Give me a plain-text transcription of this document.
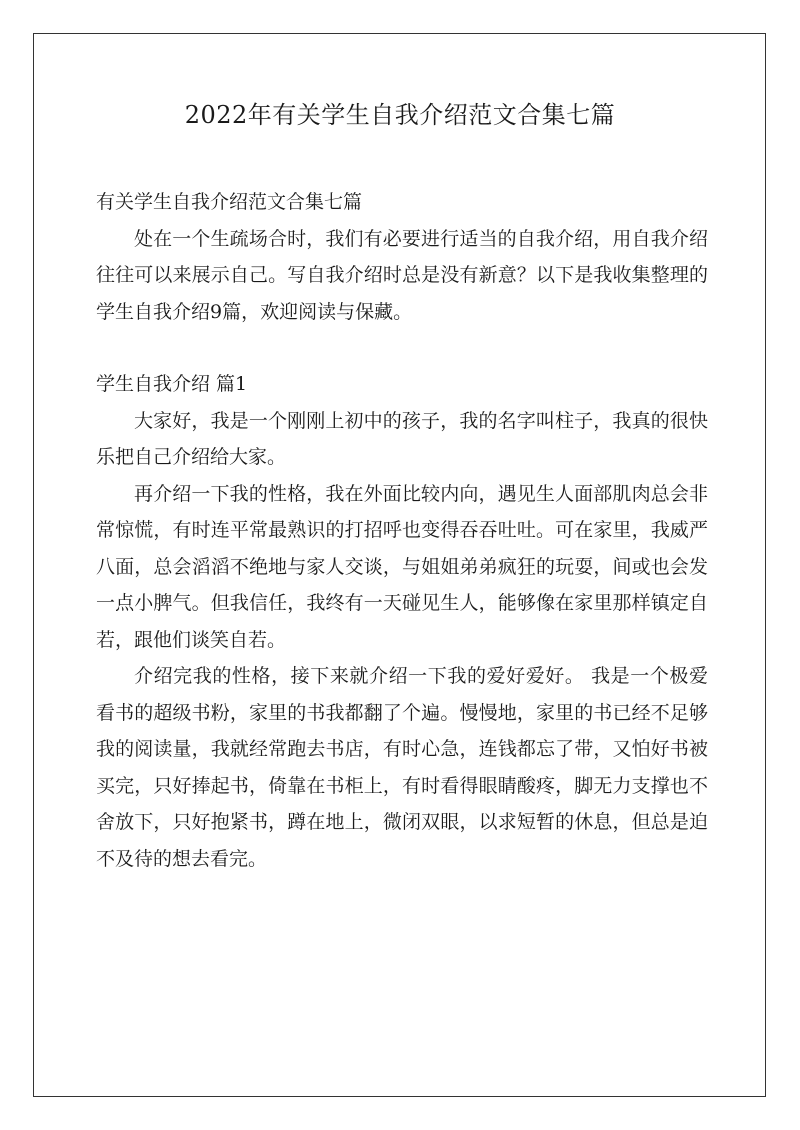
2022年有关学生自我介绍范文合集七篇

有关学生自我介绍范文合集七篇

处在一个生疏场合时，我们有必要进行适当的自我介绍，用自我介绍往往可以来展示自己。写自我介绍时总是没有新意？以下是我收集整理的学生自我介绍9篇，欢迎阅读与保藏。

学生自我介绍 篇1

大家好，我是一个刚刚上初中的孩子，我的名字叫柱子，我真的很快乐把自己介绍给大家。

再介绍一下我的性格，我在外面比较内向，遇见生人面部肌肉总会非常惊慌，有时连平常最熟识的打招呼也变得吞吞吐吐。可在家里，我威严八面，总会滔滔不绝地与家人交谈，与姐姐弟弟疯狂的玩耍，间或也会发一点小脾气。但我信任，我终有一天碰见生人，能够像在家里那样镇定自若，跟他们谈笑自若。

介绍完我的性格，接下来就介绍一下我的爱好爱好。 我是一个极爱看书的超级书粉，家里的书我都翻了个遍。慢慢地，家里的书已经不足够我的阅读量，我就经常跑去书店，有时心急，连钱都忘了带，又怕好书被买完，只好捧起书，倚靠在书柜上，有时看得眼睛酸疼，脚无力支撑也不舍放下，只好抱紧书，蹲在地上，微闭双眼，以求短暂的休息，但总是迫不及待的想去看完。
